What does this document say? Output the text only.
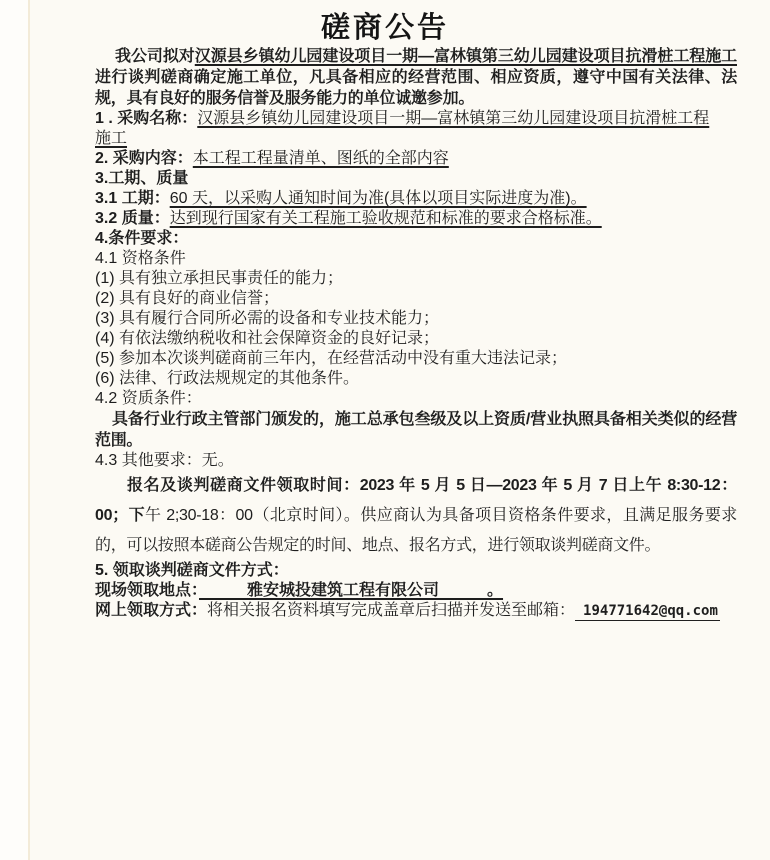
磋商公告

我公司拟对汉源县乡镇幼儿园建设项目一期—富林镇第三幼儿园建设项目抗滑桩工程施工进行谈判磋商确定施工单位，凡具备相应的经营范围、相应资质，遵守中国有关法律、法规，具有良好的服务信誉及服务能力的单位诚邀参加。

1 . 采购名称：汉源县乡镇幼儿园建设项目一期—富林镇第三幼儿园建设项目抗滑桩工程

施工

2. 采购内容：本工程工程量清单、图纸的全部内容

3.工期、质量

3.1 工期：60 天，以采购人通知时间为准(具体以项目实际进度为准)。

3.2 质量：达到现行国家有关工程施工验收规范和标准的要求合格标准。

4.条件要求：

4.1 资格条件

(1) 具有独立承担民事责任的能力；

(2) 具有良好的商业信誉；

(3) 具有履行合同所必需的设备和专业技术能力；

(4) 有依法缴纳税收和社会保障资金的良好记录；

(5) 参加本次谈判磋商前三年内，在经营活动中没有重大违法记录；

(6) 法律、行政法规规定的其他条件。

4.2 资质条件：

具备行业行政主管部门颁发的，施工总承包叁级及以上资质/营业执照具备相关类似的经营范围。

4.3 其他要求：无。

报名及谈判磋商文件领取时间：2023 年 5 月 5 日—2023 年 5 月 7 日上午 8:30-12：00；下午 2;30-18：00（北京时间）。供应商认为具备项目资格条件要求，且满足服务要求的，可以按照本磋商公告规定的时间、地点、报名方式，进行领取谈判磋商文件。

5. 领取谈判磋商文件方式：

现场领取地点：　　　雅安城投建筑工程有限公司　　　。

网上领取方式：将相关报名资料填写完成盖章后扫描并发送至邮箱： 194771642@qq.com
